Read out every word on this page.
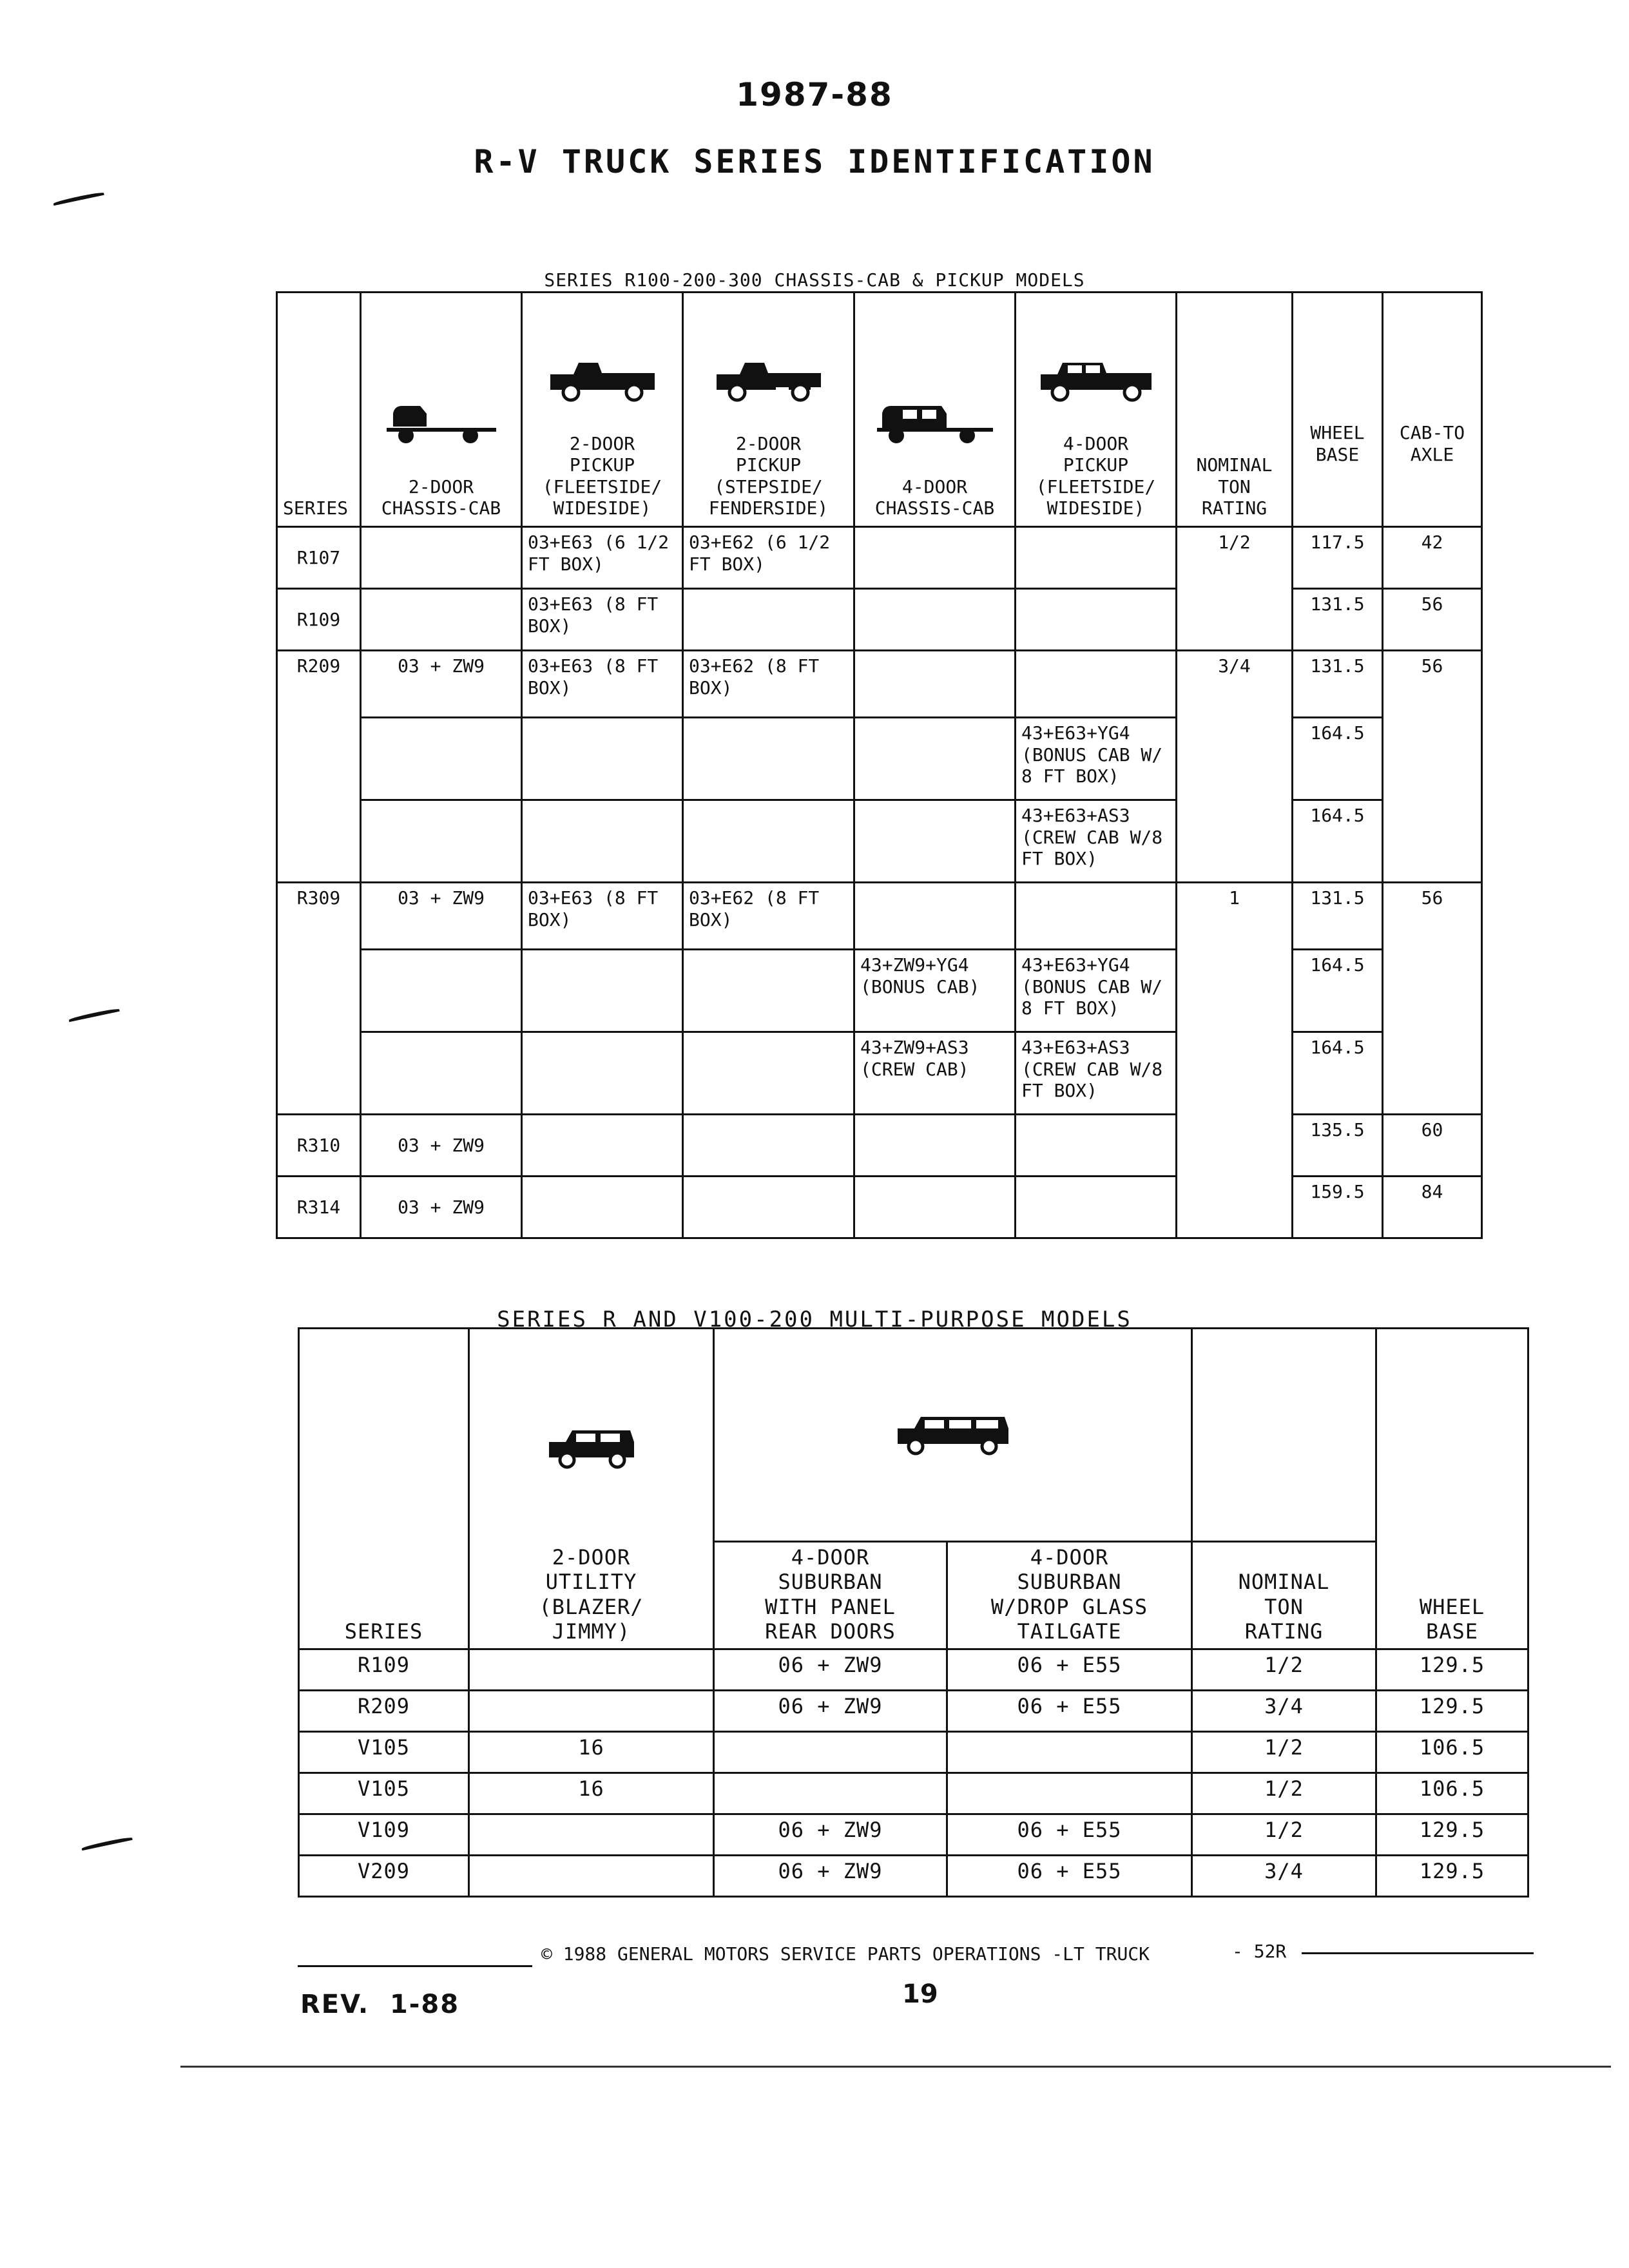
1987-88
R-V TRUCK SERIES IDENTIFICATION
SERIES R100-200-300 CHASSIS-CAB & PICKUP MODELS
SERIES	2-DOOR
CHASSIS-CAB	2-DOOR
PICKUP
(FLEETSIDE/
WIDESIDE)	2-DOOR
PICKUP
(STEPSIDE/
FENDERSIDE)	4-DOOR
CHASSIS-CAB	4-DOOR
PICKUP
(FLEETSIDE/
WIDESIDE)	NOMINAL
TON
RATING	WHEEL
BASE	CAB-TO
AXLE

R107		03+E63 (6 1/2 FT BOX)	03+E62 (6 1/2 FT BOX)			1/2	117.5	42
R109		03+E63 (8 FT BOX)					131.5	56
R209	03 + ZW9	03+E63 (8 FT BOX)	03+E62 (8 FT BOX)			3/4	131.5	56
					43+E63+YG4 (BONUS CAB W/ 8 FT BOX)		164.5	
					43+E63+AS3 (CREW CAB W/8 FT BOX)		164.5	
R309	03 + ZW9	03+E63 (8 FT BOX)	03+E62 (8 FT BOX)			1	131.5	56
				43+ZW9+YG4 (BONUS CAB)	43+E63+YG4 (BONUS CAB W/ 8 FT BOX)		164.5	
				43+ZW9+AS3 (CREW CAB)	43+E63+AS3 (CREW CAB W/8 FT BOX)		164.5	
R310	03 + ZW9						135.5	60
R314	03 + ZW9						159.5	84
SERIES R AND V100-200 MULTI-PURPOSE MODELS
SERIES	2-DOOR
UTILITY
(BLAZER/
JIMMY)				WHEEL
BASE

		4-DOOR
SUBURBAN
WITH PANEL
REAR DOORS	4-DOOR
SUBURBAN
W/DROP GLASS
TAILGATE	NOMINAL
TON
RATING	

R109		06 + ZW9	06 + E55	1/2	129.5
R209		06 + ZW9	06 + E55	3/4	129.5
V105	16			1/2	106.5
V105	16			1/2	106.5
V109		06 + ZW9	06 + E55	1/2	129.5
V209		06 + ZW9	06 + E55	3/4	129.5
© 1988 GENERAL MOTORS SERVICE PARTS OPERATIONS -LT TRUCK	- 52R
REV.  1-88	19
